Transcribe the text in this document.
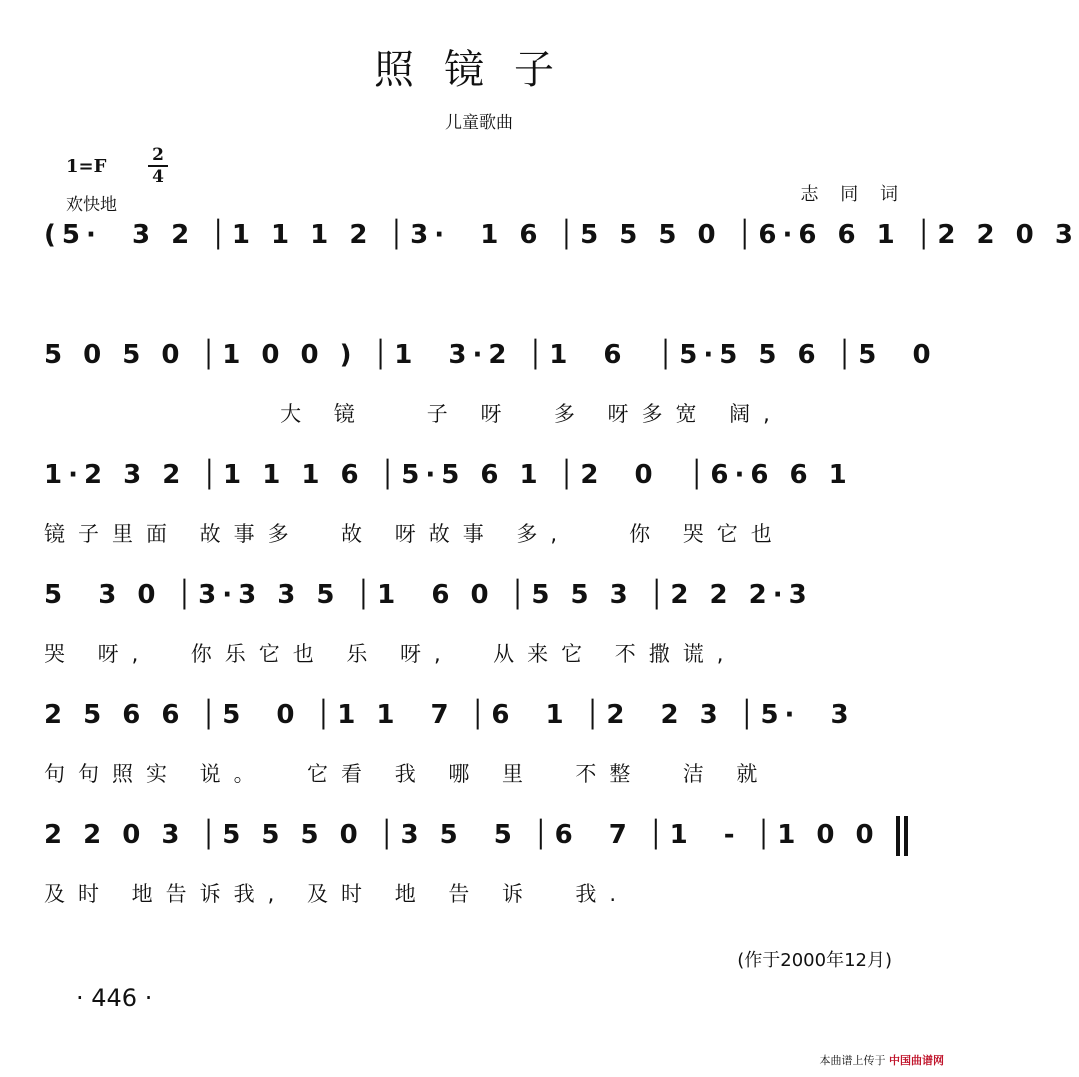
照镜子
儿童歌曲
1=F
2
4
欢快地	志 同 词
(5·  3 2 │1 1 1 2 │3·  1 6 │5 5 5 0 │6·6 6 1 │2 2 0 3
5 0 5 0 │1 0 0 ) │1  3·2 │1  6  │5·5 5 6 │5  0
大 镜   子 呀  多 呀多宽 阔,
1·2 3 2 │1 1 1 6 │5·5 6 1 │2  0  │6·6 6 1
镜子里面 故事多  故 呀故事 多,   你 哭它也
5  3 0 │3·3 3 5 │1  6 0 │5 5 3 │2 2 2·3
哭 呀,  你乐它也 乐 呀,  从来它 不撒谎,
2 5 6 6 │5  0 │1 1  7 │6  1 │2  2 3 │5·  3
句句照实 说。  它看 我 哪 里  不整  洁 就
2 2 0 3 │5 5 5 0 │3 5  5 │6  7 │1  - │1 0 0
及时 地告诉我, 及时 地 告 诉  我.
(作于2000年12月)
· 446 ·
本曲谱上传于 中国曲谱网
